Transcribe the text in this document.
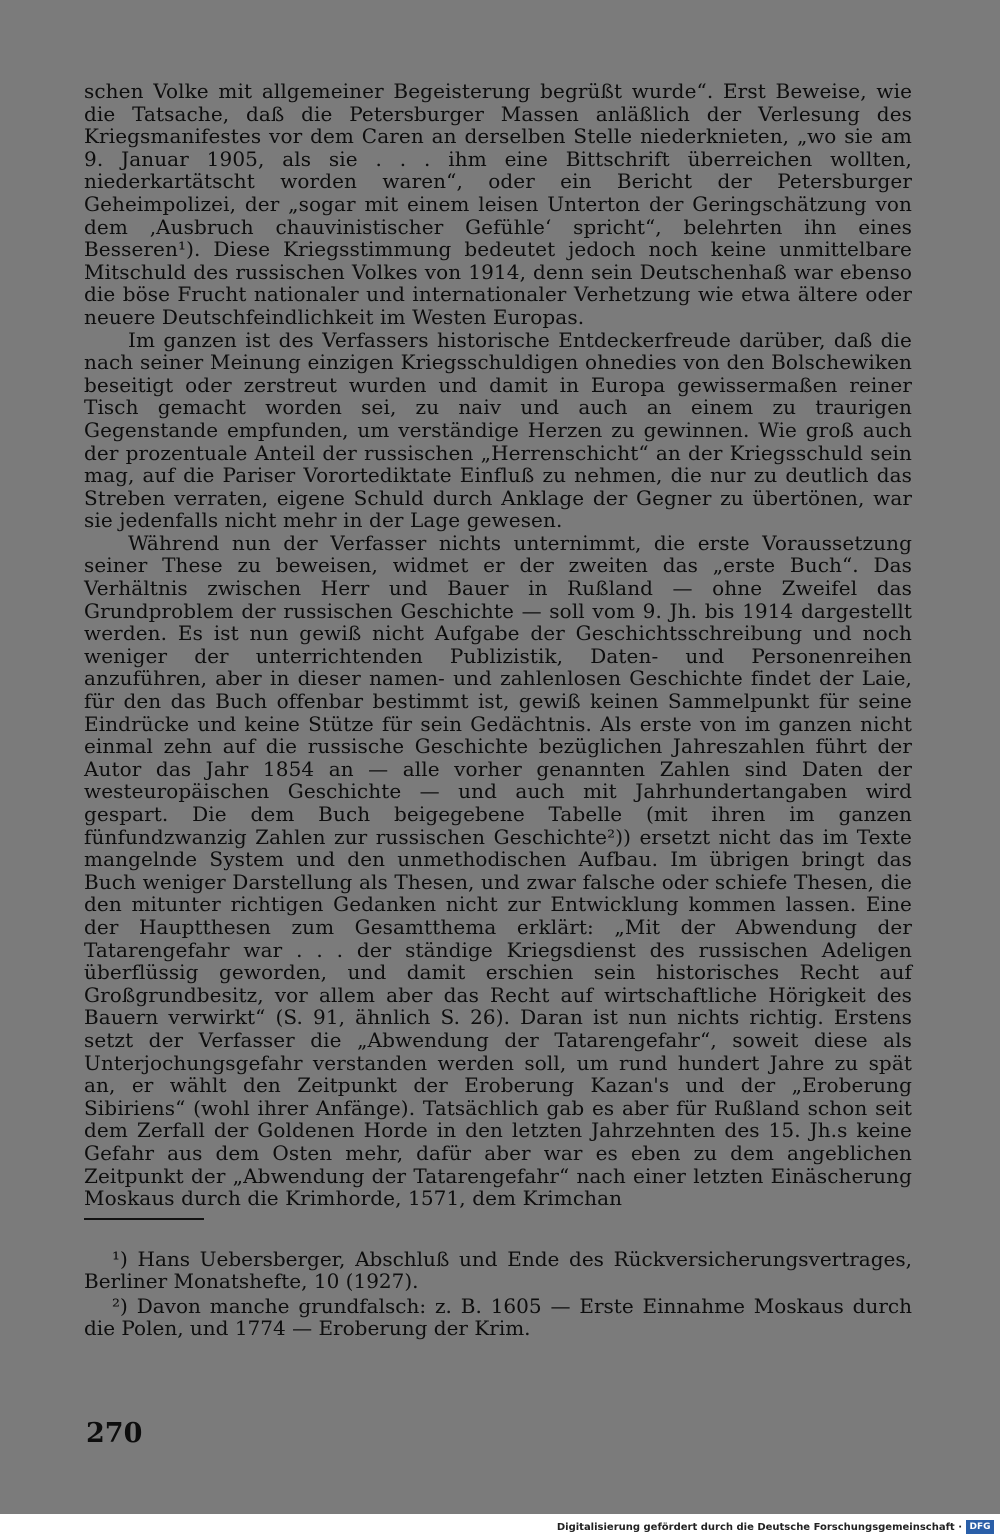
schen Volke mit allgemeiner Begeisterung begrüßt wurde“. Erst Beweise, wie die Tatsache, daß die Petersburger Massen anläßlich der Verlesung des Kriegsmanifestes vor dem Caren an derselben Stelle niederknieten, „wo sie am 9. Januar 1905, als sie . . . ihm eine Bittschrift überreichen wollten, niederkartätscht worden waren“, oder ein Bericht der Petersburger Geheimpolizei, der „sogar mit einem leisen Unterton der Geringschätzung von dem ‚Ausbruch chauvinistischer Gefühle‘ spricht“, belehrten ihn eines Besseren¹). Diese Kriegsstimmung bedeutet jedoch noch keine unmittelbare Mitschuld des russischen Volkes von 1914, denn sein Deutschenhaß war ebenso die böse Frucht nationaler und internationaler Verhetzung wie etwa ältere oder neuere Deutschfeindlichkeit im Westen Europas.

Im ganzen ist des Verfassers historische Entdeckerfreude darüber, daß die nach seiner Meinung einzigen Kriegsschuldigen ohnedies von den Bolschewiken beseitigt oder zerstreut wurden und damit in Europa gewissermaßen reiner Tisch gemacht worden sei, zu naiv und auch an einem zu traurigen Gegenstande empfunden, um verständige Herzen zu gewinnen. Wie groß auch der prozentuale Anteil der russischen „Herrenschicht“ an der Kriegsschuld sein mag, auf die Pariser Vorortediktate Einfluß zu nehmen, die nur zu deutlich das Streben verraten, eigene Schuld durch Anklage der Gegner zu übertönen, war sie jedenfalls nicht mehr in der Lage gewesen.

Während nun der Verfasser nichts unternimmt, die erste Voraussetzung seiner These zu beweisen, widmet er der zweiten das „erste Buch“. Das Verhältnis zwischen Herr und Bauer in Rußland — ohne Zweifel das Grundproblem der russischen Geschichte — soll vom 9. Jh. bis 1914 dargestellt werden. Es ist nun gewiß nicht Aufgabe der Geschichtsschreibung und noch weniger der unterrichtenden Publizistik, Daten- und Personenreihen anzuführen, aber in dieser namen- und zahlenlosen Geschichte findet der Laie, für den das Buch offenbar bestimmt ist, gewiß keinen Sammelpunkt für seine Eindrücke und keine Stütze für sein Gedächtnis. Als erste von im ganzen nicht einmal zehn auf die russische Geschichte bezüglichen Jahreszahlen führt der Autor das Jahr 1854 an — alle vorher genannten Zahlen sind Daten der westeuropäischen Geschichte — und auch mit Jahrhundertangaben wird gespart. Die dem Buch beigegebene Tabelle (mit ihren im ganzen fünfundzwanzig Zahlen zur russischen Geschichte²)) ersetzt nicht das im Texte mangelnde System und den unmethodischen Aufbau. Im übrigen bringt das Buch weniger Darstellung als Thesen, und zwar falsche oder schiefe Thesen, die den mitunter richtigen Gedanken nicht zur Entwicklung kommen lassen. Eine der Hauptthesen zum Gesamtthema erklärt: „Mit der Abwendung der Tatarengefahr war . . . der ständige Kriegsdienst des russischen Adeligen überflüssig geworden, und damit erschien sein historisches Recht auf Großgrundbesitz, vor allem aber das Recht auf wirtschaftliche Hörigkeit des Bauern verwirkt“ (S. 91, ähnlich S. 26). Daran ist nun nichts richtig. Erstens setzt der Verfasser die „Abwendung der Tatarengefahr“, soweit diese als Unterjochungsgefahr verstanden werden soll, um rund hundert Jahre zu spät an, er wählt den Zeitpunkt der Eroberung Kazan's und der „Eroberung Sibiriens“ (wohl ihrer Anfänge). Tatsächlich gab es aber für Rußland schon seit dem Zerfall der Goldenen Horde in den letzten Jahrzehnten des 15. Jh.s keine Gefahr aus dem Osten mehr, dafür aber war es eben zu dem angeblichen Zeitpunkt der „Abwendung der Tatarengefahr“ nach einer letzten Einäscherung Moskaus durch die Krimhorde, 1571, dem Krimchan

¹) Hans Uebersberger, Abschluß und Ende des Rückversicherungsvertrages, Berliner Monatshefte, 10 (1927).

²) Davon manche grundfalsch: z. B. 1605 — Erste Einnahme Moskaus durch die Polen, und 1774 — Eroberung der Krim.

270
Digitalisierung gefördert durch die Deutsche Forschungsgemeinschaft · DFG
